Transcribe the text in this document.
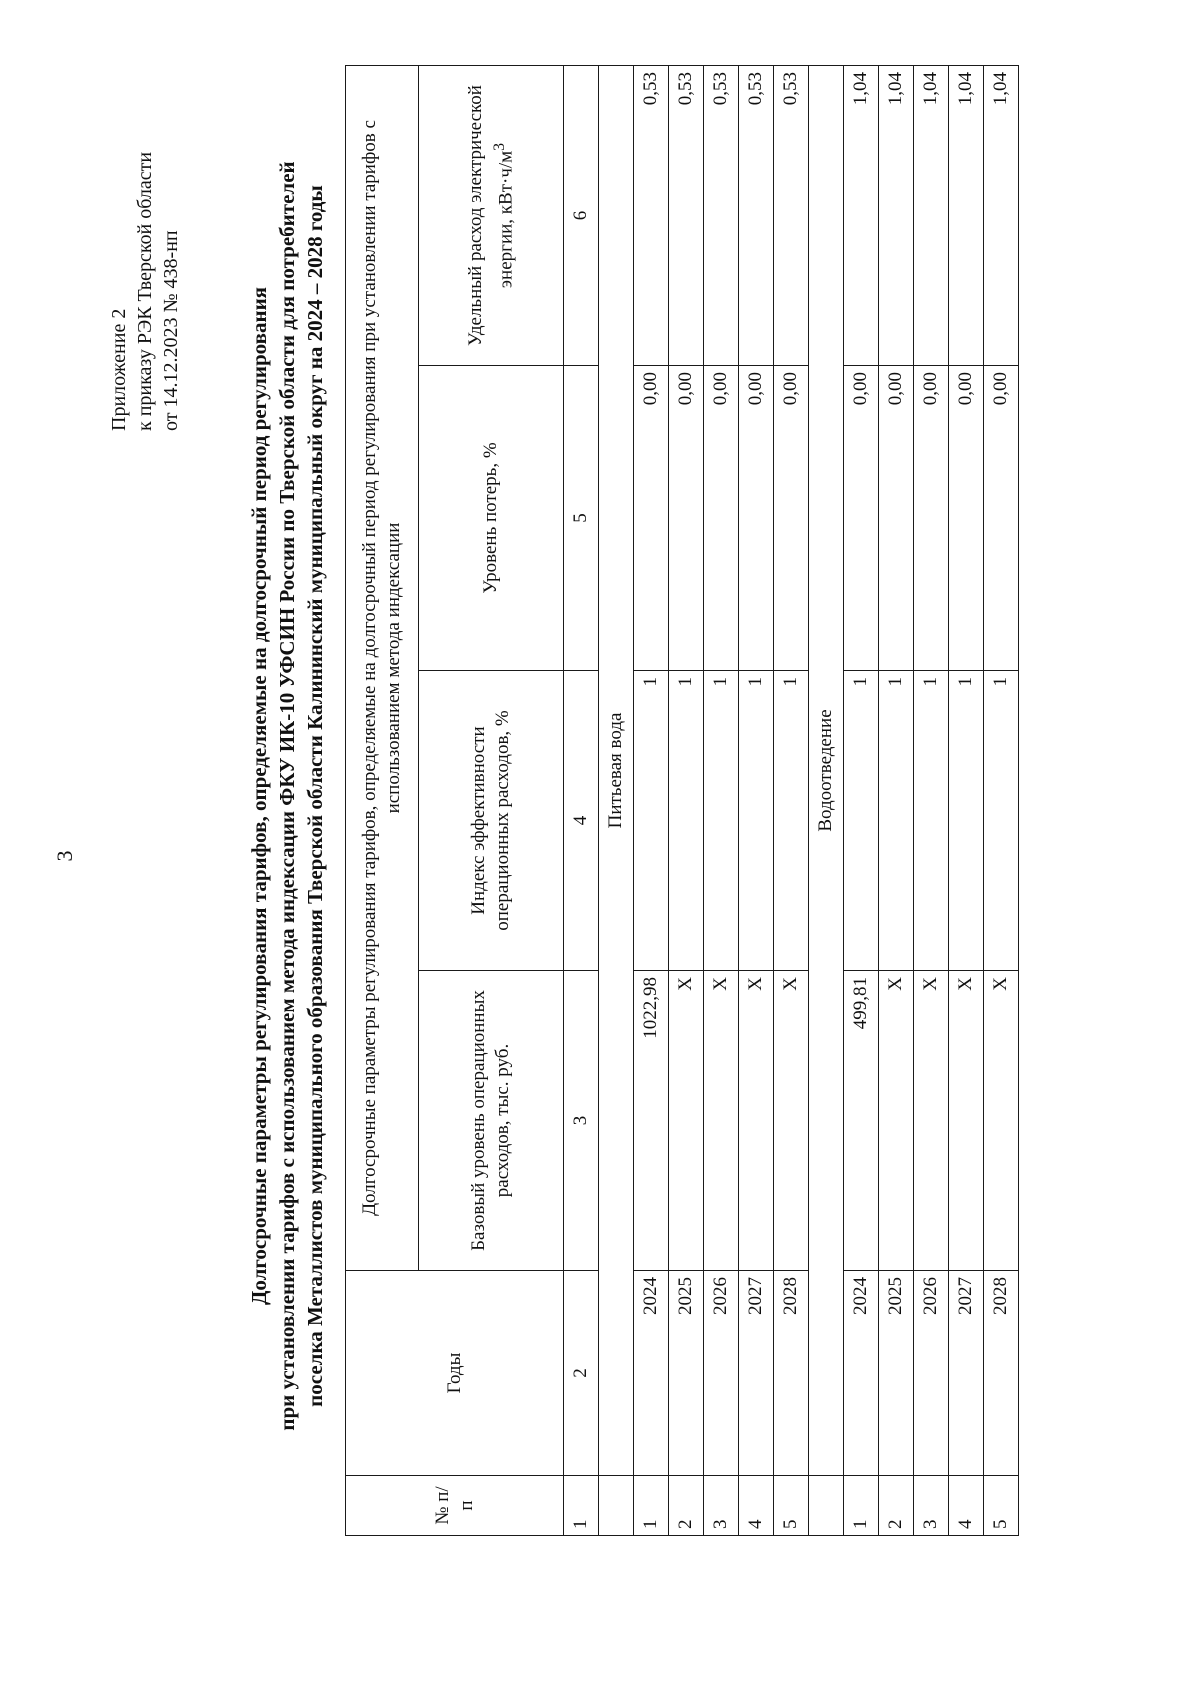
3
Приложение 2 к приказу РЭК Тверской области от 14.12.2023 № 438-нп	Долгосрочные параметры регулирования тарифов, определяемые на долгосрочный период регулирования при установлении тарифов с использованием метода индексации ФКУ ИК-10 УФСИН России по Тверской области для потребителей поселка Металлистов муниципального образования Тверской области Калининский муниципальный округ на 2024 – 2028 годы
№ п/п	Годы	Долгосрочные параметры регулирования тарифов, определяемые на долгосрочный период регулирования при установлении тарифов с использованием метода индексации			
		Базовый уровень операционных расходов, тыс. руб.	Индекс эффективности операционных расходов, %	Уровень потерь, %	Удельный расход электрической энергии, $кВт\cdot ч/м^3$
1	2	3	4	5	6
	Питьевая вода				
1	2024	1022,98	1	0,00	0,53
2	2025	Х	1	0,00	0,53
3	2026	Х	1	0,00	0,53
4	2027	Х	1	0,00	0,53
5	2028	Х	1	0,00	0,53
	Водоотведение				
1	2024	499,81	1	0,00	1,04
2	2025	Х	1	0,00	1,04
3	2026	Х	1	0,00	1,04
4	2027	Х	1	0,00	1,04
5	2028	Х	1	0,00	1,04
